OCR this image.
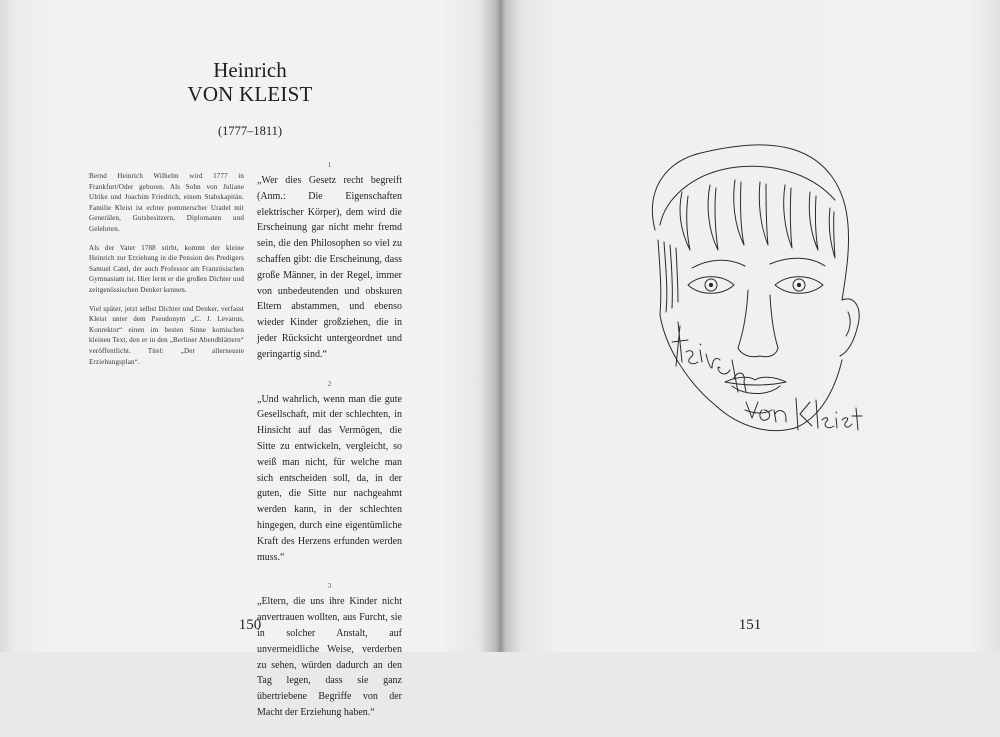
Heinrich
VON KLEIST
(1777–1811)

Bernd Heinrich Wilhelm wird 1777 in Frankfurt/Oder geboren. Als Sohn von Juliane Ulrike und Joachim Friedrich, einem Stabskapitän. Familie Kleist ist echter pommerscher Uradel mit Generälen, Gutsbesitzern, Diplomaten und Gelehrten.

Als der Vater 1788 stirbt, kommt der kleine Heinrich zur Erziehung in die Pension des Predigers Samuel Catel, der auch Professor am Französischen Gymnasium ist. Hier lernt er die großen Dichter und zeitgenössischen Denker kennen.

Viel später, jetzt selbst Dichter und Denker, verfasst Kleist unter dem Pseudonym „C. J. Levanus, Konrektor“ einen im besten Sinne komischen kleinen Text, den er in den „Berliner Abendblättern“ veröffentlicht. Titel: „Der allerneuste Erziehungsplan“.

1
„Wer dies Gesetz recht begreift (Anm.: Die Eigenschaften elektrischer Körper), dem wird die Erscheinung gar nicht mehr fremd sein, die den Philosophen so viel zu schaffen gibt: die Erscheinung, dass große Männer, in der Regel, immer von unbedeutenden und obskuren Eltern abstammen, und ebenso wieder Kinder großziehen, die in jeder Rücksicht untergeordnet und geringartig sind.“
2
„Und wahrlich, wenn man die gute Gesellschaft, mit der schlechten, in Hinsicht auf das Vermögen, die Sitte zu entwickeln, vergleicht, so weiß man nicht, für welche man sich entscheiden soll, da, in der guten, die Sitte nur nachgeahmt werden kann, in der schlechten hingegen, durch eine eigentümliche Kraft des Herzens erfunden werden muss.“
3
„Eltern, die uns ihre Kinder nicht anvertrauen wollten, aus Furcht, sie in solcher Anstalt, auf unvermeidliche Weise, verderben zu sehen, würden dadurch an den Tag legen, dass sie ganz übertriebene Begriffe von der Macht der Erziehung haben.“
150	151
